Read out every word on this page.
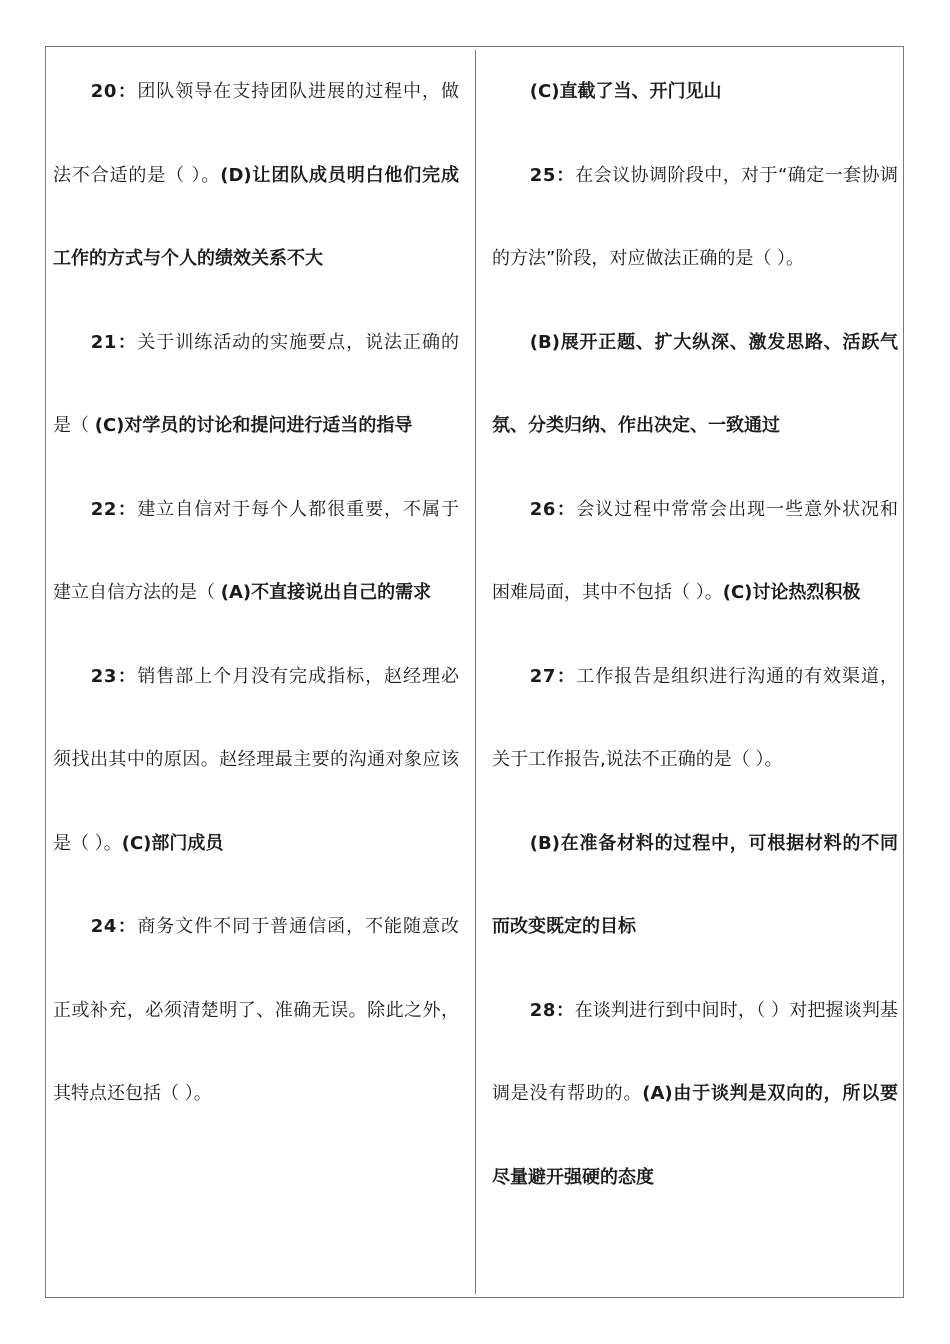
20：团队领导在支持团队进展的过程中，做法不合适的是（ ）。(D)让团队成员明白他们完成工作的方式与个人的绩效关系不大

21：关于训练活动的实施要点，说法正确的是（ (C)对学员的讨论和提问进行适当的指导

22：建立自信对于每个人都很重要，不属于建立自信方法的是（ (A)不直接说出自己的需求

23：销售部上个月没有完成指标，赵经理必须找出其中的原因。赵经理最主要的沟通对象应该是（ ）。(C)部门成员

24：商务文件不同于普通信函，不能随意改正或补充，必须清楚明了、准确无误。除此之外，其特点还包括（ ）。

(C)直截了当、开门见山

25：在会议协调阶段中，对于“确定一套协调的方法”阶段，对应做法正确的是（ ）。

(B)展开正题、扩大纵深、激发思路、活跃气氛、分类归纳、作出决定、一致通过

26：会议过程中常常会出现一些意外状况和困难局面，其中不包括（ ）。(C)讨论热烈积极

27：工作报告是组织进行沟通的有效渠道，关于工作报告,说法不正确的是（ ）。

(B)在准备材料的过程中，可根据材料的不同而改变既定的目标

28：在谈判进行到中间时，（ ）对把握谈判基调是没有帮助的。(A)由于谈判是双向的，所以要尽量避开强硬的态度
